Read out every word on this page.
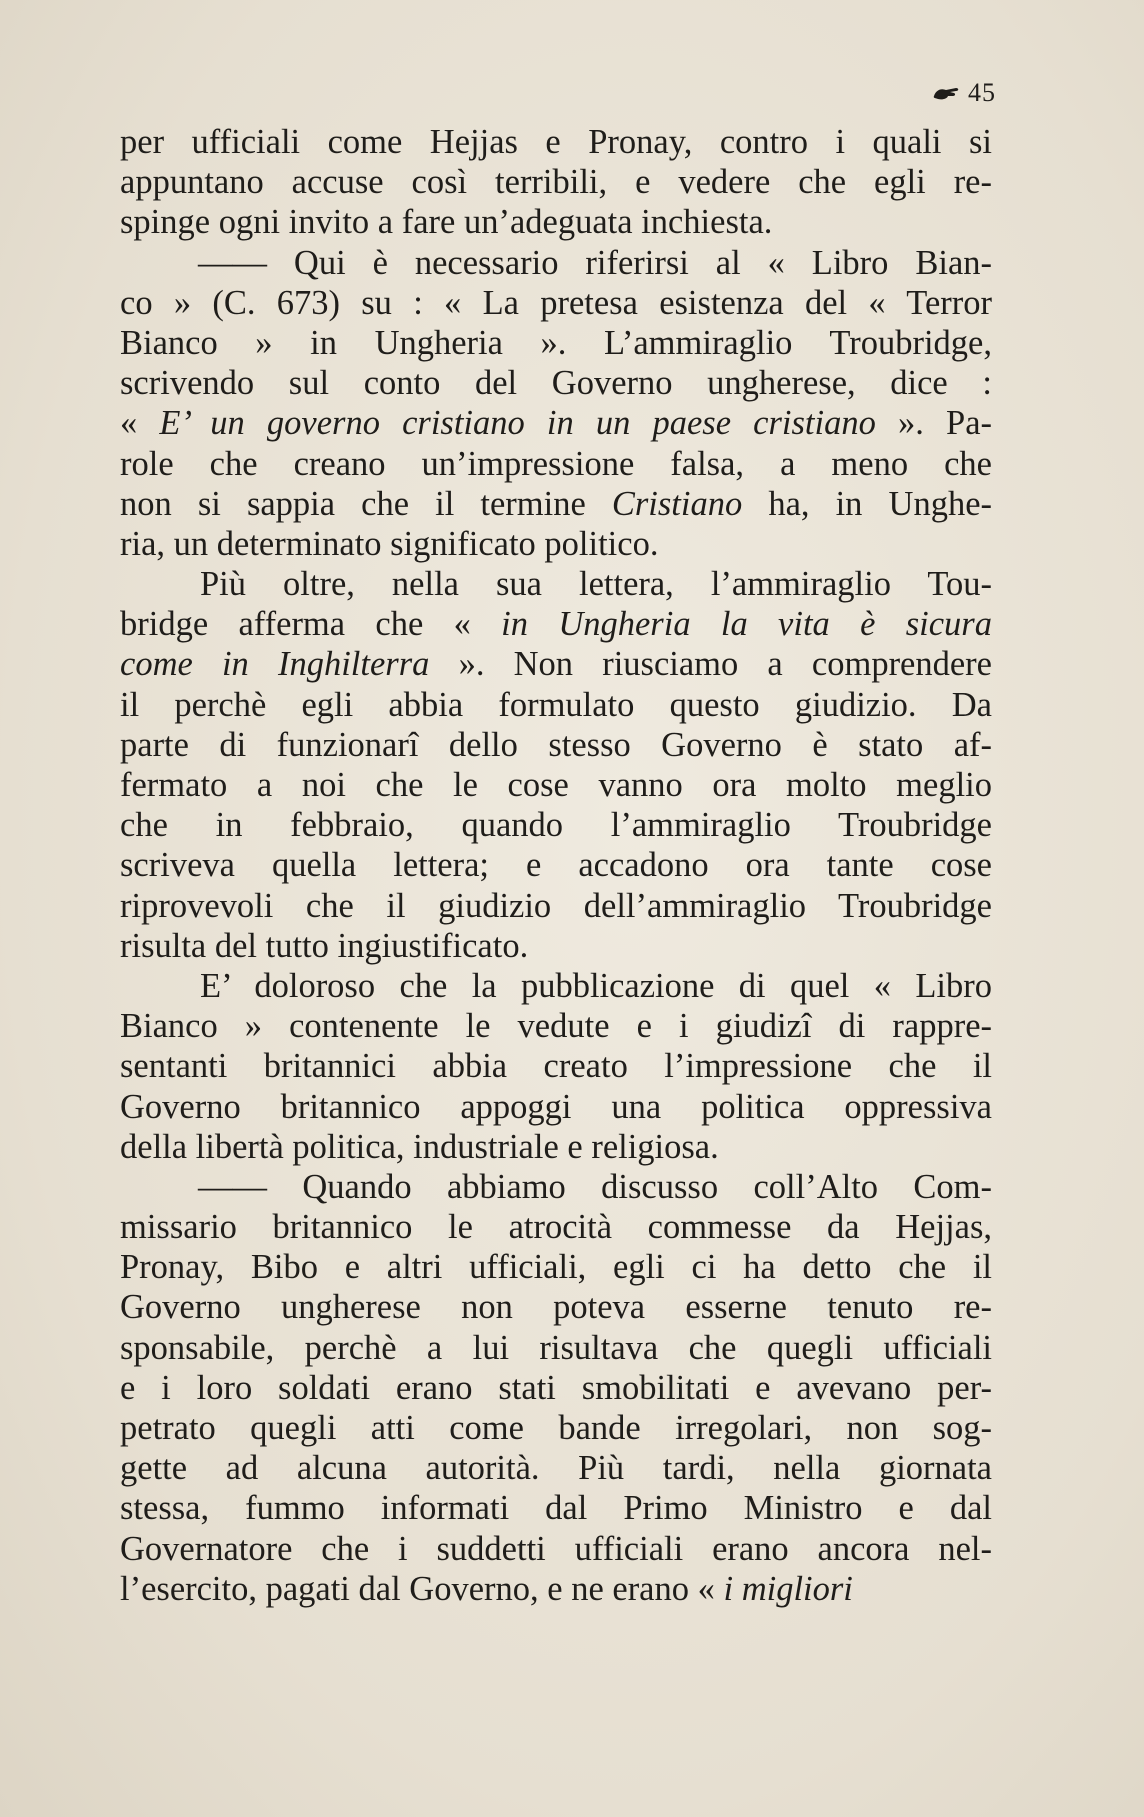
45
per ufficiali come Hejjas e Pronay, contro i quali si
appuntano accuse così terribili, e vedere che egli re-
spinge ogni invito a fare un’adeguata inchiesta.
—— Qui è necessario riferirsi al « Libro Bian-
co » (C. 673) su : « La pretesa esistenza del « Terror
Bianco » in Ungheria ». L’ammiraglio Troubridge,
scrivendo sul conto del Governo ungherese, dice :
« E’ un governo cristiano in un paese cristiano ». Pa-
role che creano un’impressione falsa, a meno che
non si sappia che il termine Cristiano ha, in Unghe-
ria, un determinato significato politico.
Più oltre, nella sua lettera, l’ammiraglio Tou-
bridge afferma che « in Ungheria la vita è sicura
come in Inghilterra ». Non riusciamo a comprendere
il perchè egli abbia formulato questo giudizio. Da
parte di funzionarî dello stesso Governo è stato af-
fermato a noi che le cose vanno ora molto meglio
che in febbraio, quando l’ammiraglio Troubridge
scriveva quella lettera; e accadono ora tante cose
riprovevoli che il giudizio dell’ammiraglio Troubridge
risulta del tutto ingiustificato.
E’ doloroso che la pubblicazione di quel « Libro
Bianco » contenente le vedute e i giudizî di rappre-
sentanti britannici abbia creato l’impressione che il
Governo britannico appoggi una politica oppressiva
della libertà politica, industriale e religiosa.
—— Quando abbiamo discusso coll’Alto Com-
missario britannico le atrocità commesse da Hejjas,
Pronay, Bibo e altri ufficiali, egli ci ha detto che il
Governo ungherese non poteva esserne tenuto re-
sponsabile, perchè a lui risultava che quegli ufficiali
e i loro soldati erano stati smobilitati e avevano per-
petrato quegli atti come bande irregolari, non sog-
gette ad alcuna autorità. Più tardi, nella giornata
stessa, fummo informati dal Primo Ministro e dal
Governatore che i suddetti ufficiali erano ancora nel-
l’esercito, pagati dal Governo, e ne erano « i migliori
